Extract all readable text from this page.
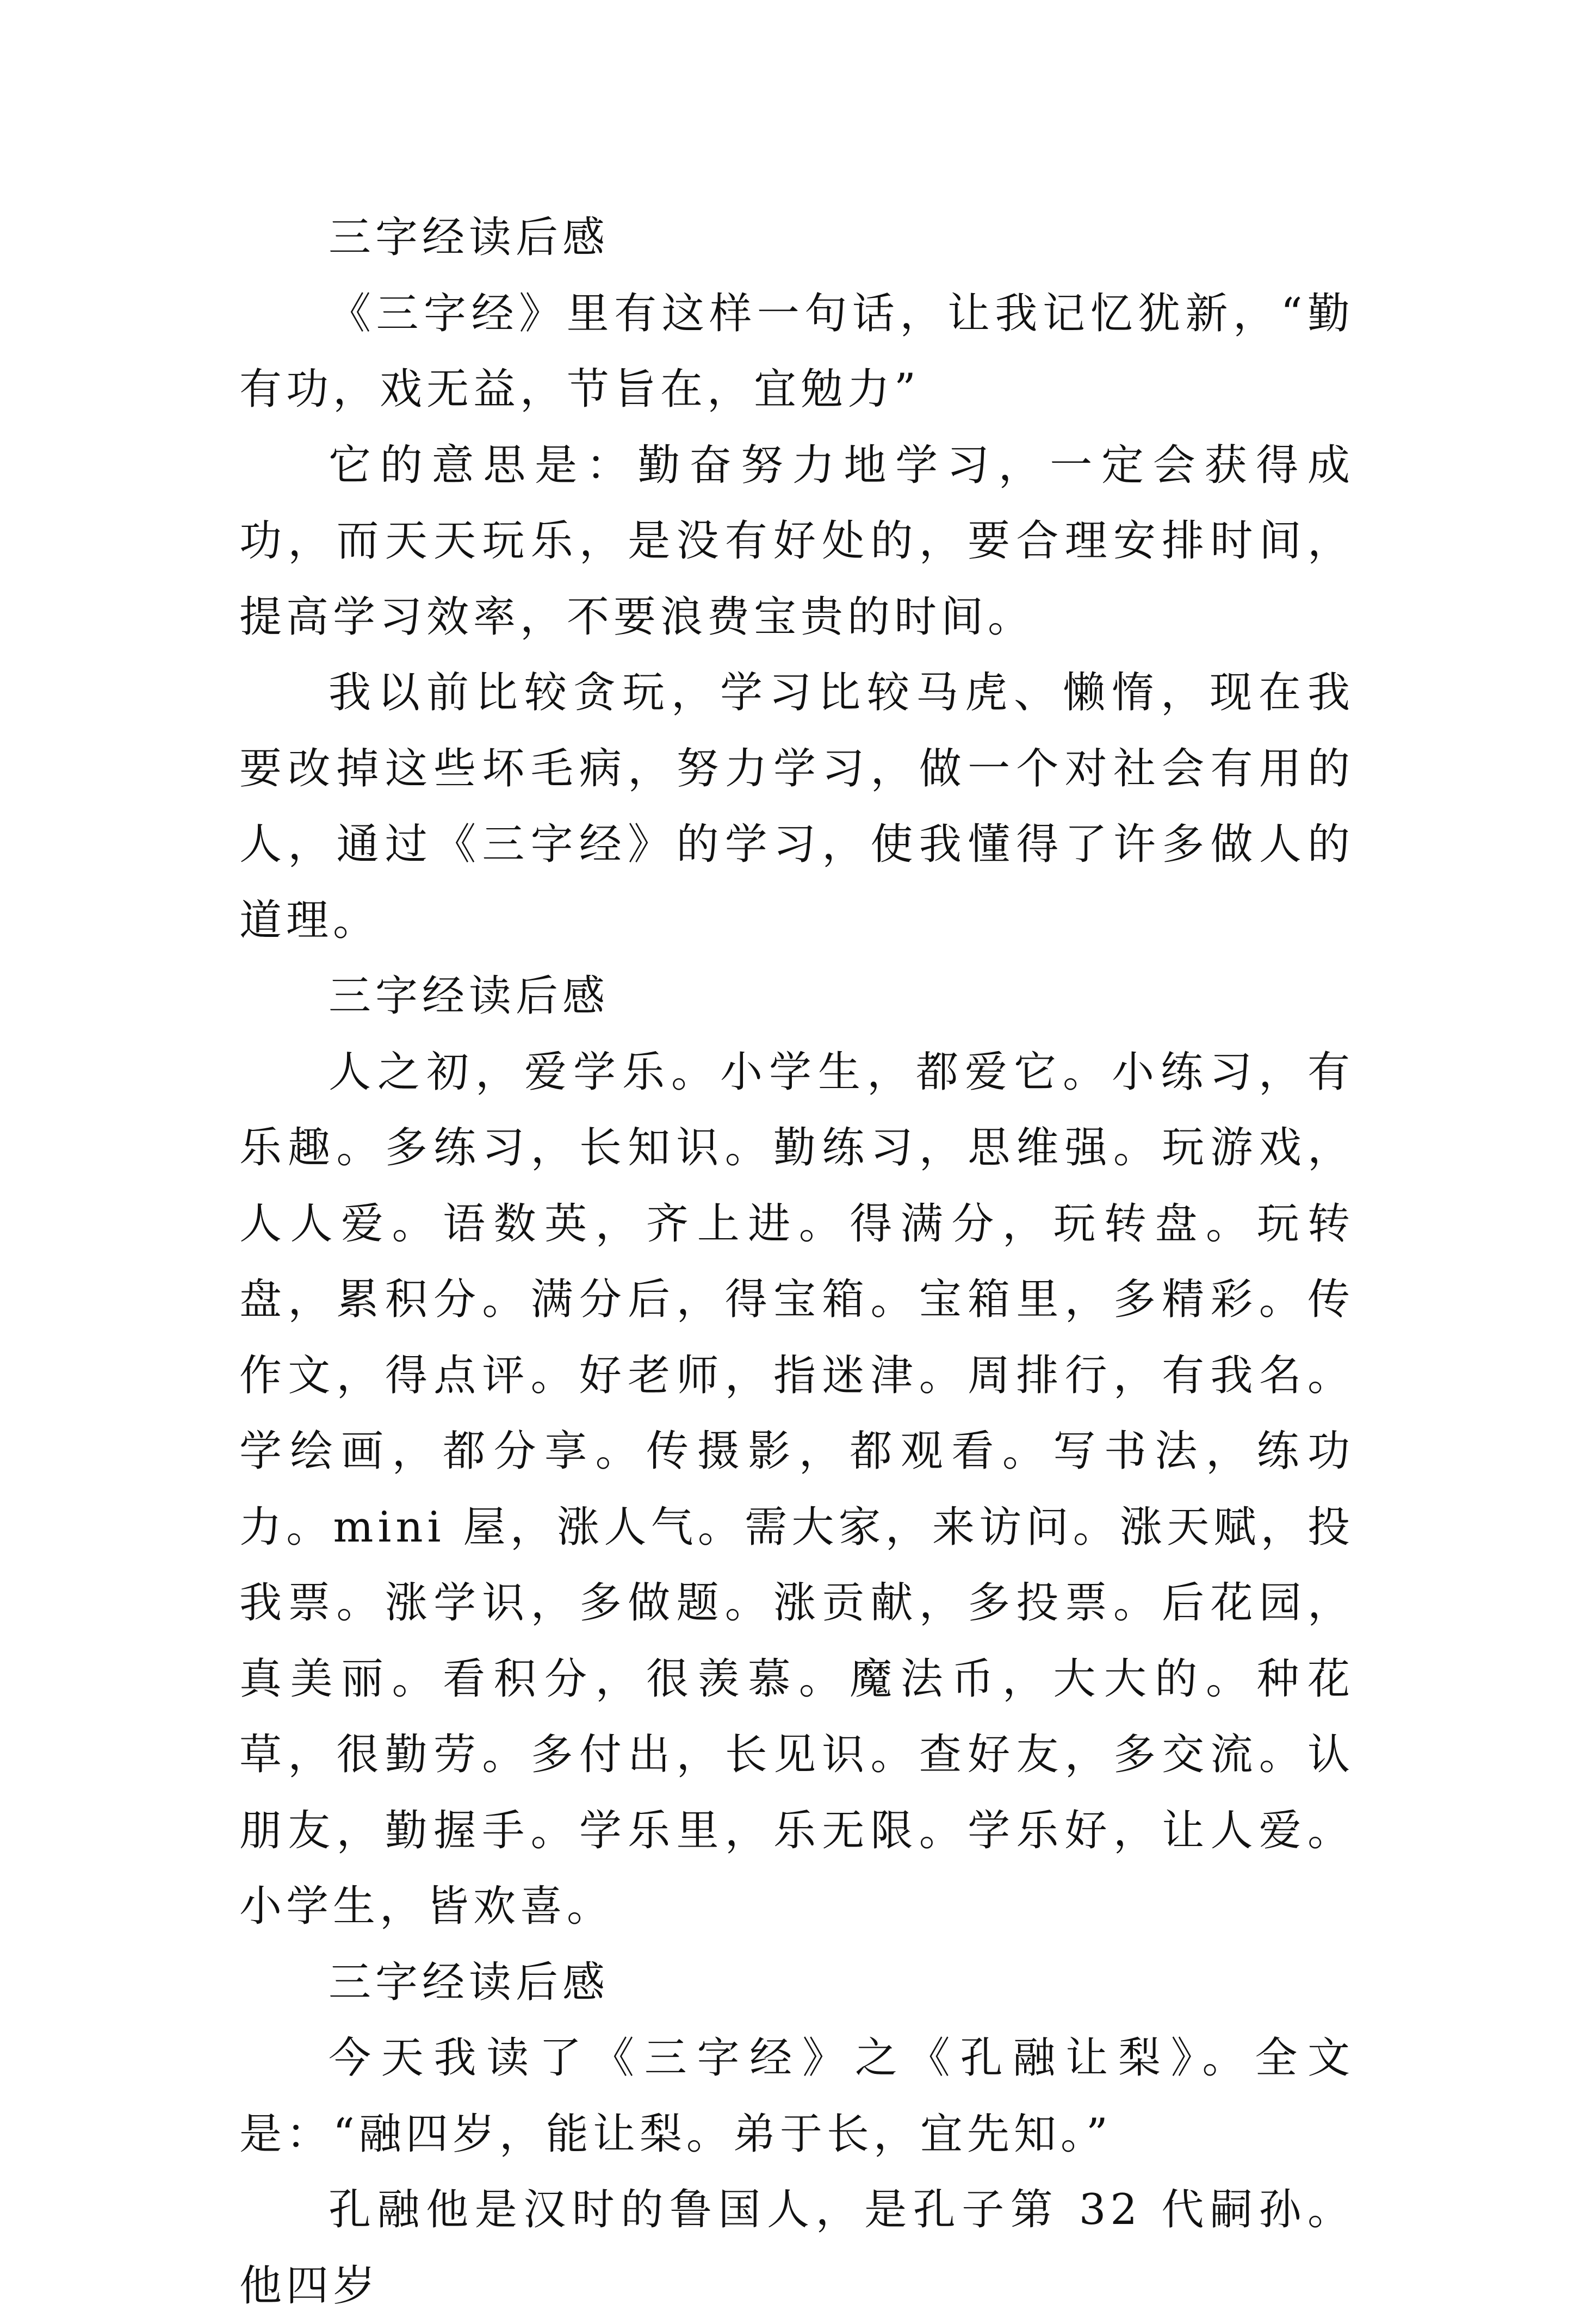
三字经读后感

《三字经》里有这样一句话，让我记忆犹新，“勤有功，戏无益，节旨在，宜勉力”

它的意思是：勤奋努力地学习，一定会获得成功，而天天玩乐，是没有好处的，要合理安排时间，提高学习效率，不要浪费宝贵的时间。

我以前比较贪玩，学习比较马虎、懒惰，现在我要改掉这些坏毛病，努力学习，做一个对社会有用的人，通过《三字经》的学习，使我懂得了许多做人的道理。

三字经读后感

人之初，爱学乐。小学生，都爱它。小练习，有乐趣。多练习，长知识。勤练习，思维强。玩游戏，人人爱。语数英，齐上进。得满分，玩转盘。玩转盘，累积分。满分后，得宝箱。宝箱里，多精彩。传作文，得点评。好老师，指迷津。周排行，有我名。学绘画，都分享。传摄影，都观看。写书法，练功力。mini 屋，涨人气。需大家，来访问。涨天赋，投我票。涨学识，多做题。涨贡献，多投票。后花园，真美丽。看积分，很羡慕。魔法币，大大的。种花草，很勤劳。多付出，长见识。查好友，多交流。认朋友，勤握手。学乐里，乐无限。学乐好，让人爱。小学生，皆欢喜。

三字经读后感

今天我读了《三字经》之《孔融让梨》。全文是：“融四岁，能让梨。弟于长，宜先知。”

孔融他是汉时的鲁国人，是孔子第 32 代嗣孙。他四岁
